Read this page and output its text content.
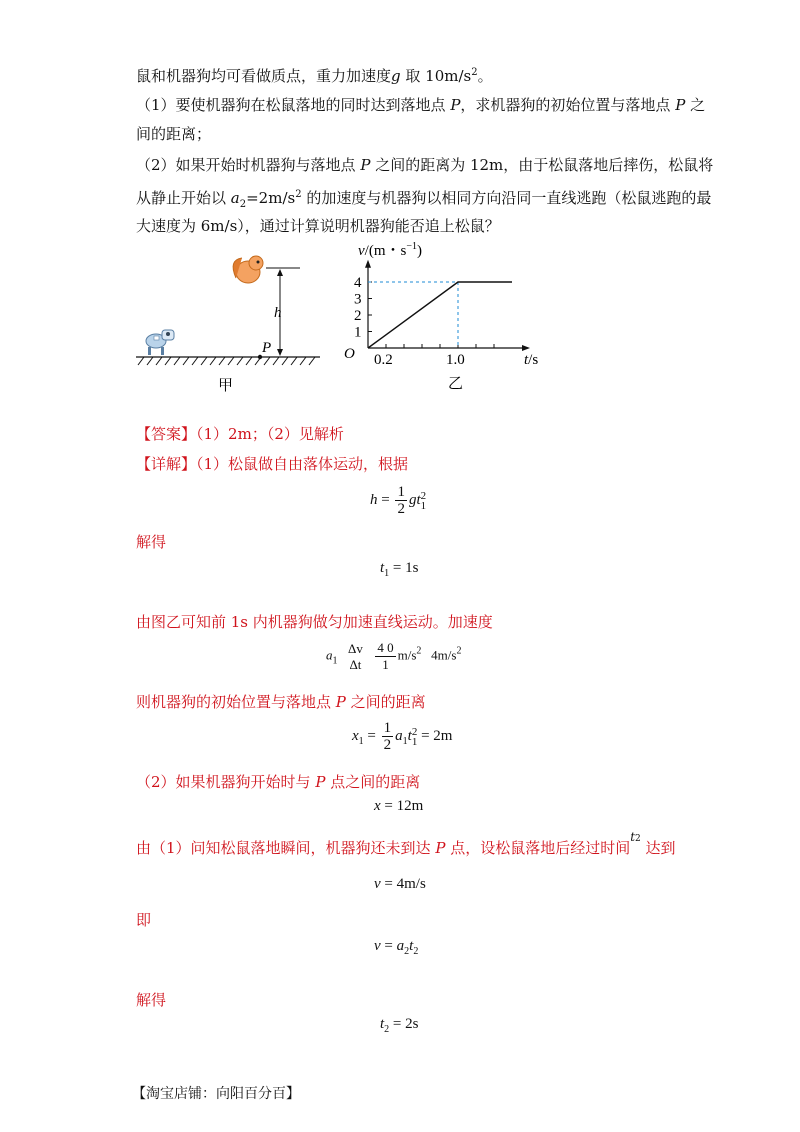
鼠和机器狗均可看做质点，重力加速度g 取 $10m/s^2$。
（1）要使机器狗在松鼠落地的同时达到落地点 P，求机器狗的初始位置与落地点 P 之
间的距离；
（2）如果开始时机器狗与落地点 P 之间的距离为 12m，由于松鼠落地后摔伤，松鼠将
从静止开始以 $a_2=2m/s^2$ 的加速度与机器狗以相同方向沿同一直线逃跑（松鼠逃跑的最
大速度为 6m/s），通过计算说明机器狗能否追上松鼠？
h
P
甲
1
2
3
4
0.2	1.0
v/(m・$s^{-1}$)
t/s
O
乙
【答案】（1）2m；（2）见解析
【详解】（1）松鼠做自由落体运动，根据
$h = \frac{1}{2}$ gt 2
1
解得
$t_1 = 1s$
由图乙可知前 1s 内机器狗做匀加速直线运动。加速度
$a_1$
Δv
Δt
$\frac{4 0}{1} m/s^2$ $4m/s^2$
则机器狗的初始位置与落地点 P 之间的距离
$x_1 = \frac{1}{2} a_1t$ 2
1 = 2m
（2）如果机器狗开始时与 P 点之间的距离
x = 12m
由（1）问知松鼠落地瞬间，机器狗还未到达 P 点，设松鼠落地后经过时间$^{t2}$ 达到
v = 4m/s
即
$v = a_2t_2$
解得
$t_2 = 2s$
【淘宝店铺：向阳百分百】
